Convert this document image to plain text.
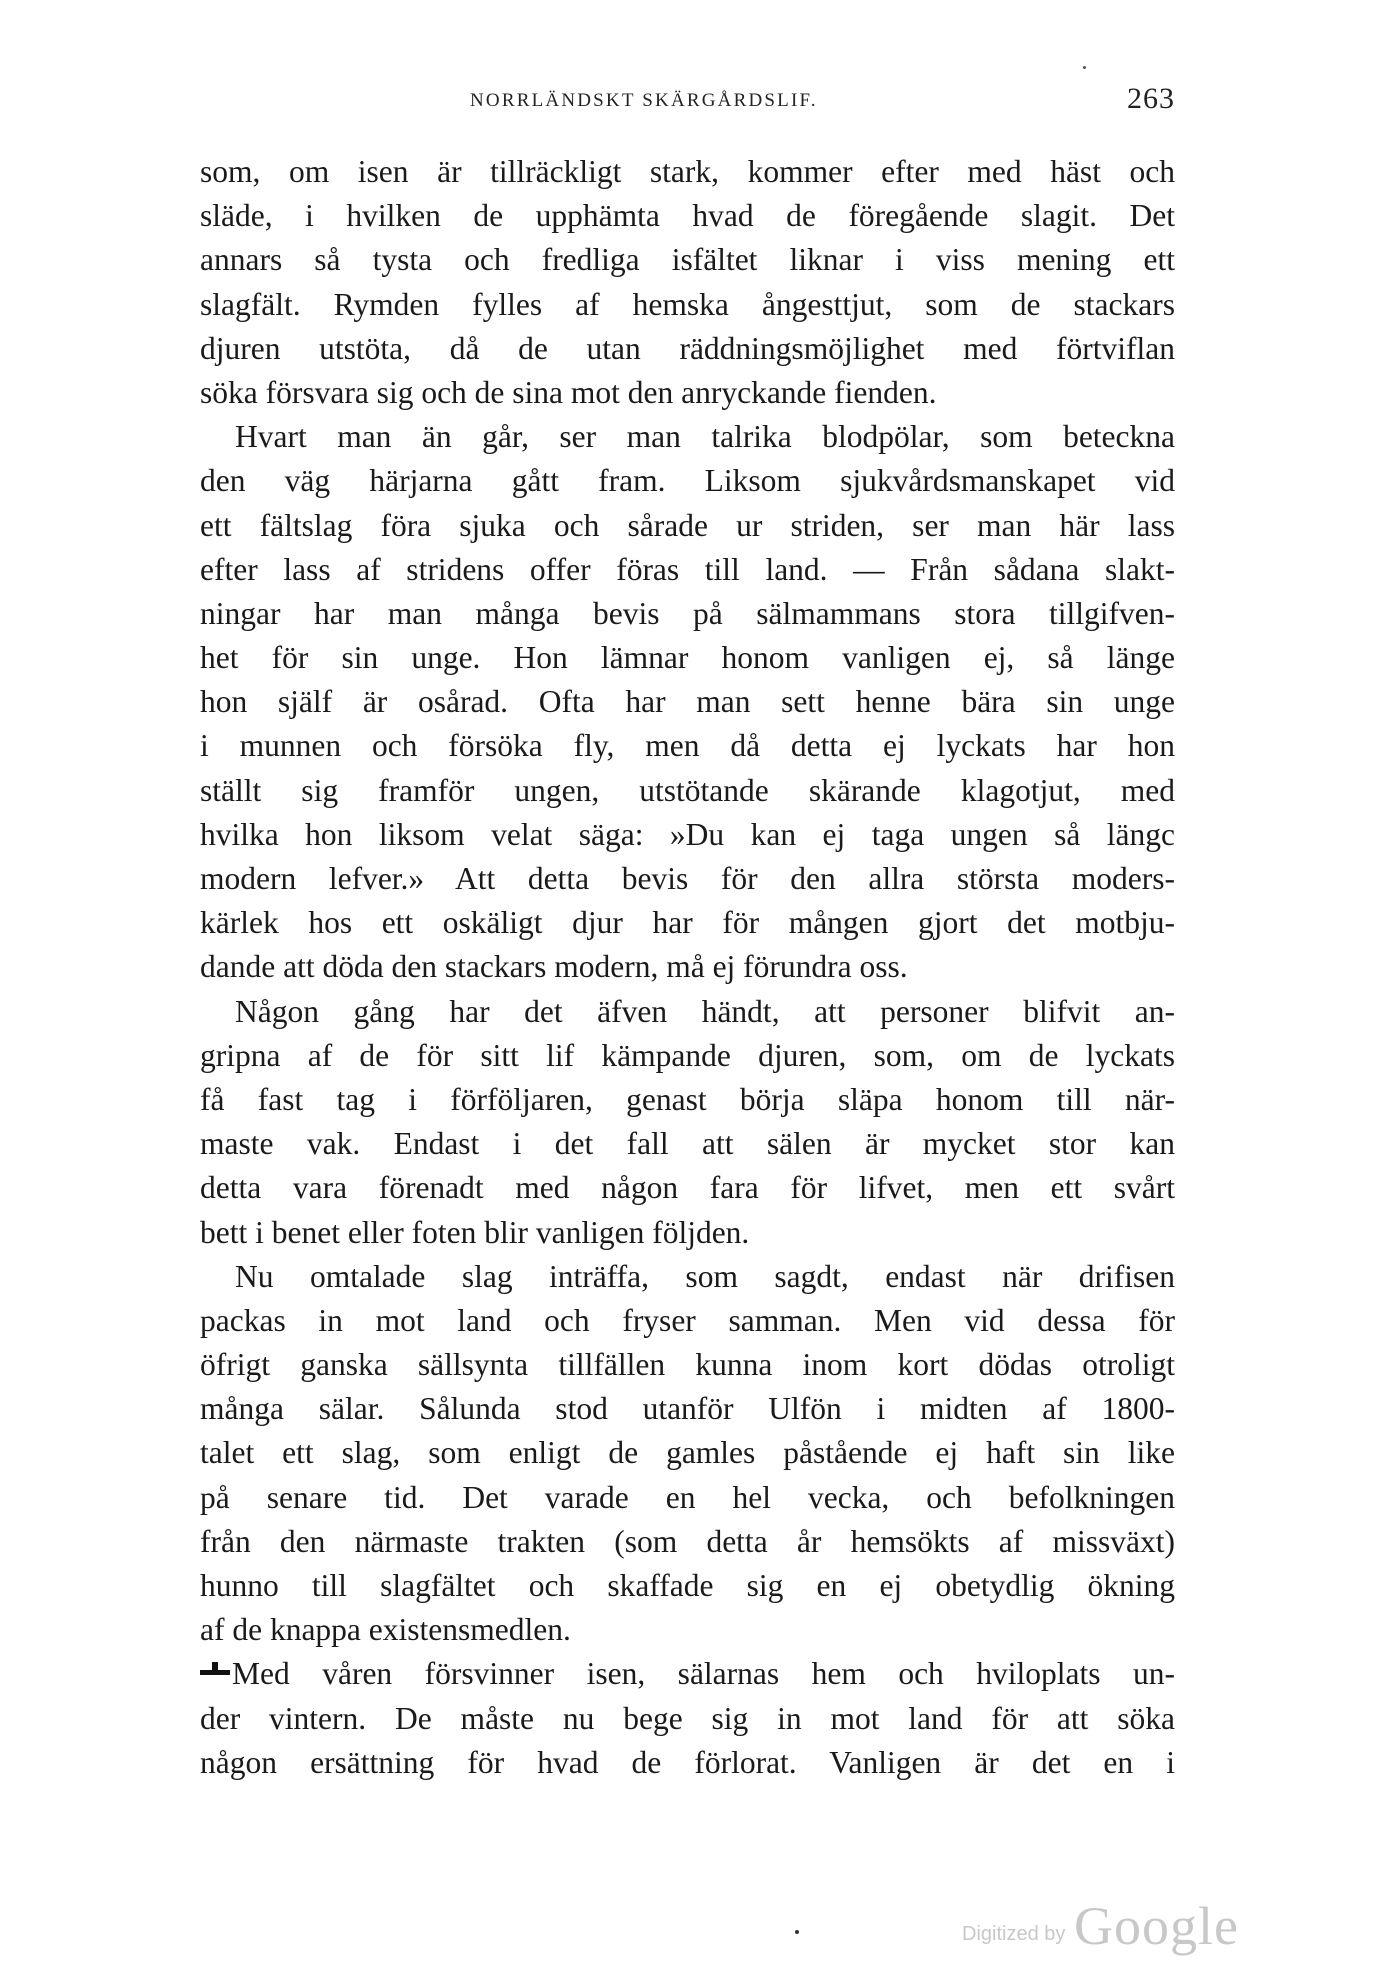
NORRLÄNDSKT SKÄRGÅRDSLIF.	263
som, om isen är tillräckligt stark, kommer efter med häst och
släde, i hvilken de upphämta hvad de föregående slagit. Det
annars så tysta och fredliga isfältet liknar i viss mening ett
slagfält. Rymden fylles af hemska ångesttjut, som de stackars
djuren utstöta, då de utan räddningsmöjlighet med förtviflan
söka försvara sig och de sina mot den anryckande fienden.
Hvart man än går, ser man talrika blodpölar, som beteckna
den väg härjarna gått fram. Liksom sjukvårdsmanskapet vid
ett fältslag föra sjuka och sårade ur striden, ser man här lass
efter lass af stridens offer föras till land. — Från sådana slakt-
ningar har man många bevis på sälmammans stora tillgifven-
het för sin unge. Hon lämnar honom vanligen ej, så länge
hon själf är osårad. Ofta har man sett henne bära sin unge
i munnen och försöka fly, men då detta ej lyckats har hon
ställt sig framför ungen, utstötande skärande klagotjut, med
hvilka hon liksom velat säga: »Du kan ej taga ungen så längc
modern lefver.» Att detta bevis för den allra största moders-
kärlek hos ett oskäligt djur har för mången gjort det motbju-
dande att döda den stackars modern, må ej förundra oss.
Någon gång har det äfven händt, att personer blifvit an-
gripna af de för sitt lif kämpande djuren, som, om de lyckats
få fast tag i förföljaren, genast börja släpa honom till när-
maste vak. Endast i det fall att sälen är mycket stor kan
detta vara förenadt med någon fara för lifvet, men ett svårt
bett i benet eller foten blir vanligen följden.
Nu omtalade slag inträffa, som sagdt, endast när drifisen
packas in mot land och fryser samman. Men vid dessa för
öfrigt ganska sällsynta tillfällen kunna inom kort dödas otroligt
många sälar. Sålunda stod utanför Ulfön i midten af 1800-
talet ett slag, som enligt de gamles påstående ej haft sin like
på senare tid. Det varade en hel vecka, och befolkningen
från den närmaste trakten (som detta år hemsökts af missväxt)
hunno till slagfältet och skaffade sig en ej obetydlig ökning
af de knappa existensmedlen.
Med våren försvinner isen, sälarnas hem och hviloplats un-
der vintern. De måste nu bege sig in mot land för att söka
någon ersättning för hvad de förlorat. Vanligen är det en i
Digitized by Google
